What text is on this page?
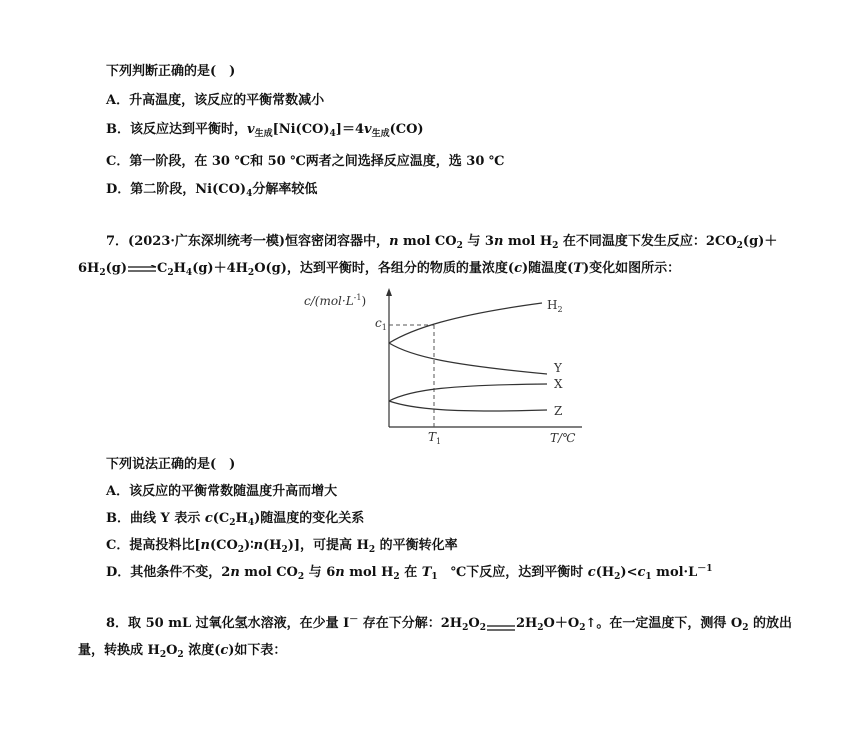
下列判断正确的是(　)
A．升高温度，该反应的平衡常数减小
B．该反应达到平衡时，$v_{生成}[Ni(CO)_4]=4v_{生成}(CO)$
C．第一阶段，在 30 ℃和 50 ℃两者之间选择反应温度，选 30 ℃
D．第二阶段，$Ni(CO)_4$分解率较低
7．(2023·广东深圳统考一模)恒容密闭容器中，n mol $CO_2$ 与 3n mol $H_2$ 在不同温度下发生反应：$2CO_2(g)+$
$6H_2(g)$ $C_2H_4(g)+4H_2O(g)$，达到平衡时，各组分的物质的量浓度(c)随温度(T)变化如图所示：
$c/(mol\cdot L^{-1})$
$c_1$
$H_2$
Y
X
Z
$T_1$	T/℃
下列说法正确的是(　)
A．该反应的平衡常数随温度升高而增大
B．曲线 Y 表示 $c(C_2H_4)$随温度的变化关系
C．提高投料比$[n(CO_2)∶n(H_2)]$，可提高 $H_2$ 的平衡转化率
D．其他条件不变，2n mol $CO_2$ 与 6n mol $H_2$ 在 $T_1$　℃下反应，达到平衡时 $c(H_2)<c_1$ $mol\cdot L^{-1}$
8．取 50 mL 过氧化氢水溶液，在少量 I－ 存在下分解：$2H_2O_2$ $2H_2O+O_2↑$。在一定温度下，测得 $O_2$ 的放出
量，转换成 $H_2O_2$ 浓度(c)如下表：
